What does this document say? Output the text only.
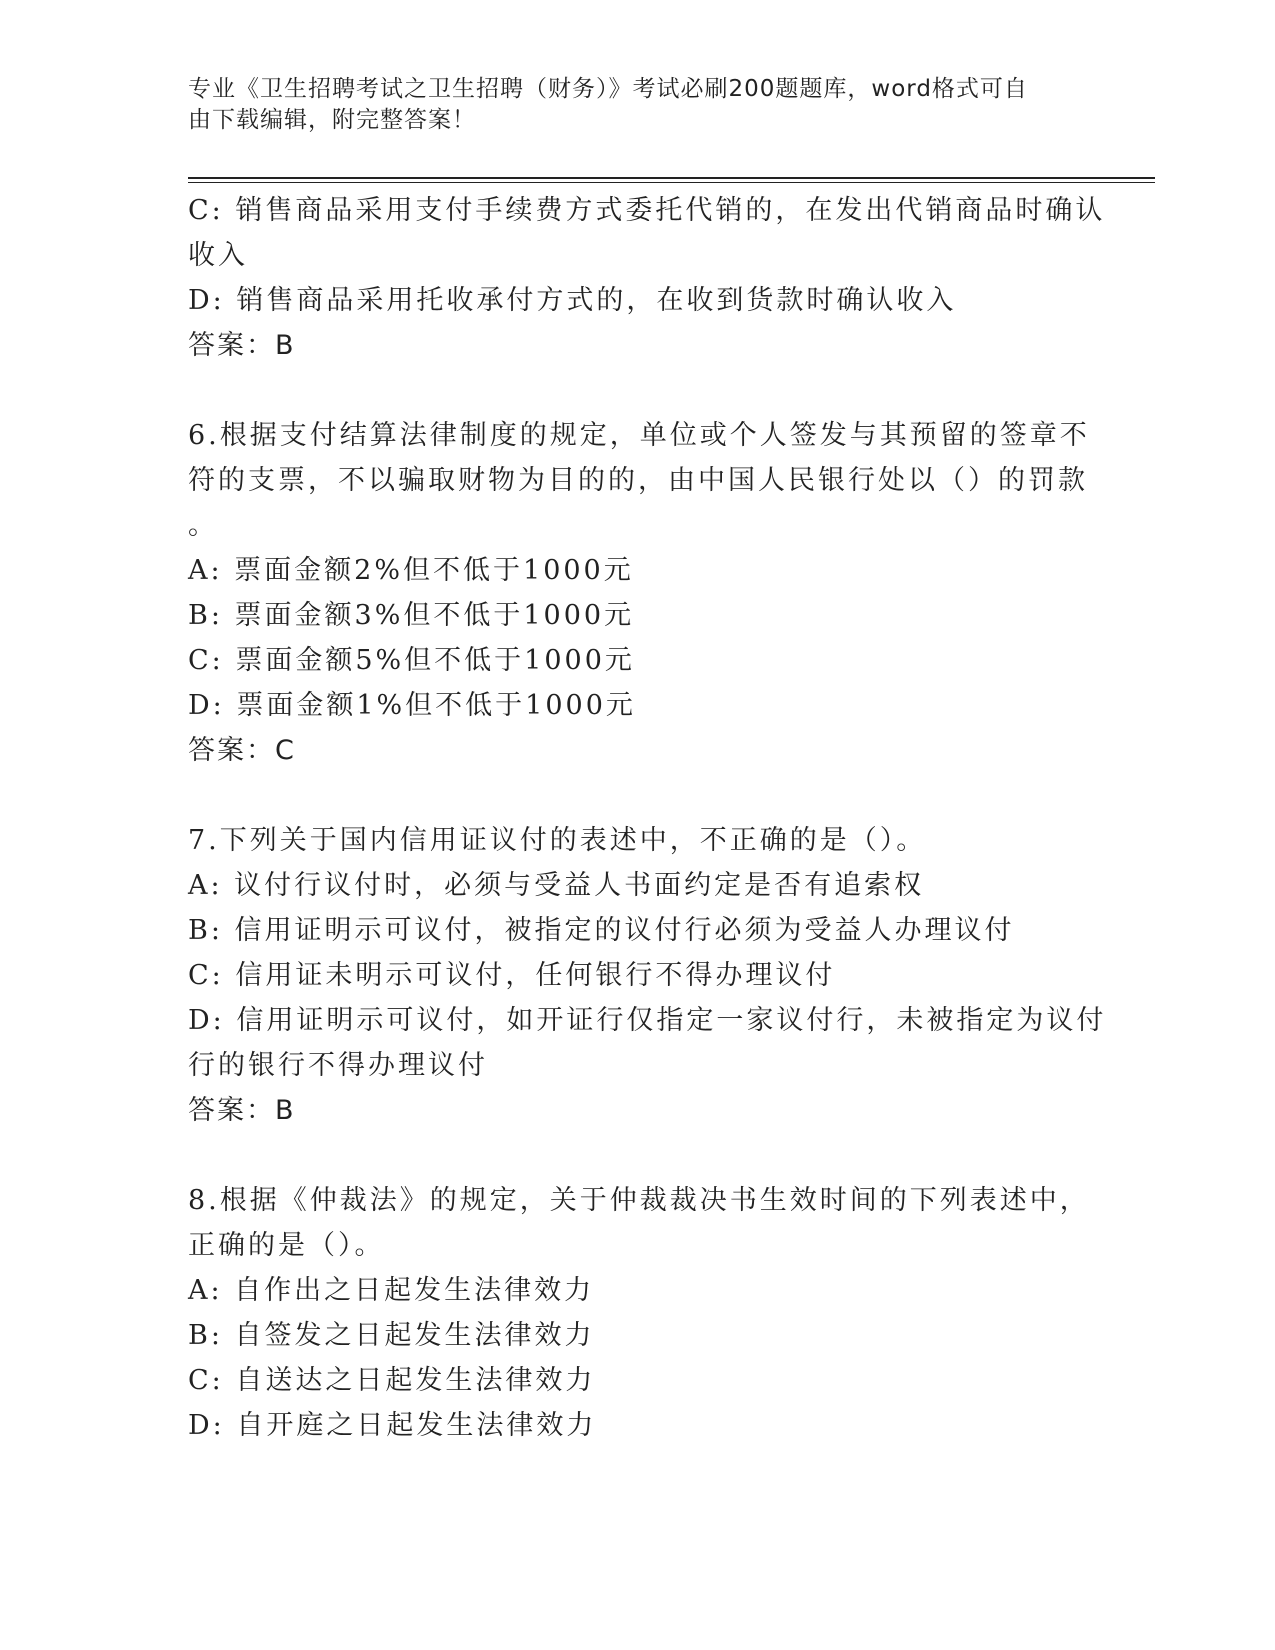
专业《卫生招聘考试之卫生招聘（财务）》考试必刷200题题库，word格式可自
由下载编辑，附完整答案！
C: 销售商品采用支付手续费方式委托代销的，在发出代销商品时确认
收入
D: 销售商品采用托收承付方式的，在收到货款时确认收入
答案：B
6.根据支付结算法律制度的规定，单位或个人签发与其预留的签章不
符的支票，不以骗取财物为目的的，由中国人民银行处以（）的罚款
。
A: 票面金额2%但不低于1000元
B: 票面金额3%但不低于1000元
C: 票面金额5%但不低于1000元
D: 票面金额1%但不低于1000元
答案：C
7.下列关于国内信用证议付的表述中，不正确的是（）。
A: 议付行议付时，必须与受益人书面约定是否有追索权
B: 信用证明示可议付，被指定的议付行必须为受益人办理议付
C: 信用证未明示可议付，任何银行不得办理议付
D: 信用证明示可议付，如开证行仅指定一家议付行，未被指定为议付
行的银行不得办理议付
答案：B
8.根据《仲裁法》的规定，关于仲裁裁决书生效时间的下列表述中，
正确的是（）。
A: 自作出之日起发生法律效力
B: 自签发之日起发生法律效力
C: 自送达之日起发生法律效力
D: 自开庭之日起发生法律效力
